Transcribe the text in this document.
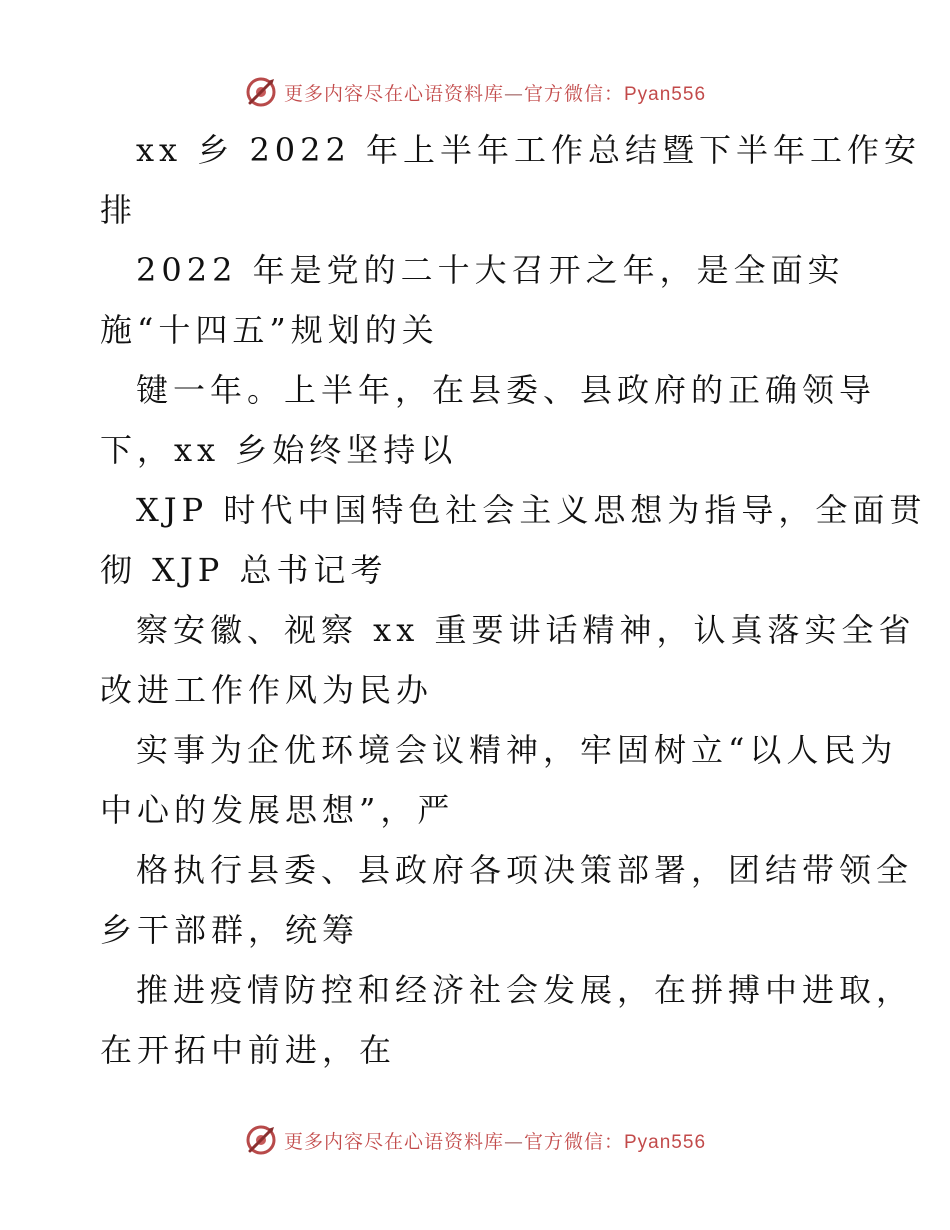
更多内容尽在心语资料库—官方微信：Pyan556

xx 乡 2022 年上半年工作总结暨下半年工作安
排

2022 年是党的二十大召开之年，是全面实
施“十四五”规划的关

键一年。上半年，在县委、县政府的正确领导
下，xx 乡始终坚持以

XJP 时代中国特色社会主义思想为指导，全面贯
彻 XJP 总书记考

察安徽、视察 xx 重要讲话精神，认真落实全省
改进工作作风为民办

实事为企优环境会议精神，牢固树立“以人民为
中心的发展思想”，严

格执行县委、县政府各项决策部署，团结带领全
乡干部群，统筹

推进疫情防控和经济社会发展，在拼搏中进取，
在开拓中前进，在

更多内容尽在心语资料库—官方微信：Pyan556
